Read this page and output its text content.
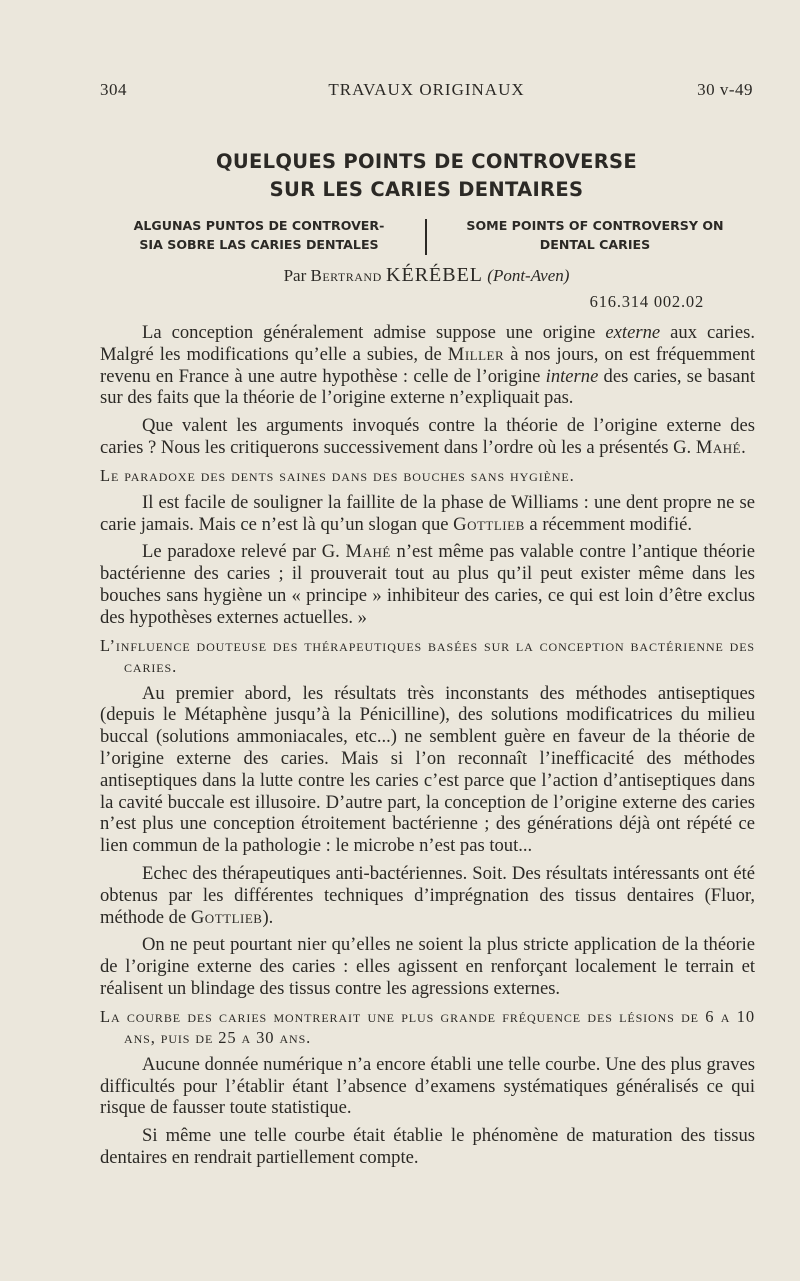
304	TRAVAUX ORIGINAUX	30 v-49
QUELQUES POINTS DE CONTROVERSE
SUR LES CARIES DENTAIRES
ALGUNAS PUNTOS DE CONTROVER-
SIA SOBRE LAS CARIES DENTALES
SOME POINTS OF CONTROVERSY ON
DENTAL CARIES
Par Bertrand KÉRÉBEL (Pont-Aven)
616.314 002.02

La conception généralement admise suppose une origine externe aux caries. Malgré les modifications qu’elle a subies, de Miller à nos jours, on est fréquemment revenu en France à une autre hypothèse : celle de l’origine interne des caries, se basant sur des faits que la théorie de l’origine externe n’expliquait pas.

Que valent les arguments invoqués contre la théorie de l’origine externe des caries ? Nous les critiquerons successivement dans l’ordre où les a présentés G. Mahé.

Le paradoxe des dents saines dans des bouches sans hygiène.

Il est facile de souligner la faillite de la phase de Williams : une dent propre ne se carie jamais. Mais ce n’est là qu’un slogan que Gottlieb a récemment modifié.

Le paradoxe relevé par G. Mahé n’est même pas valable contre l’antique théorie bactérienne des caries ; il prouverait tout au plus qu’il peut exister même dans les bouches sans hygiène un « principe » inhibiteur des caries, ce qui est loin d’être exclus des hypothèses externes actuelles. »

L’influence douteuse des thérapeutiques basées sur la conception bactérienne des caries.

Au premier abord, les résultats très inconstants des méthodes antiseptiques (depuis le Métaphène jusqu’à la Pénicilline), des solutions modificatrices du milieu buccal (solutions ammoniacales, etc...) ne semblent guère en faveur de la théorie de l’origine externe des caries. Mais si l’on reconnaît l’inefficacité des méthodes antiseptiques dans la lutte contre les caries c’est parce que l’action d’antiseptiques dans la cavité buccale est illusoire. D’autre part, la conception de l’origine externe des caries n’est plus une conception étroitement bactérienne ; des générations déjà ont répété ce lien commun de la pathologie : le microbe n’est pas tout...

Echec des thérapeutiques anti-bactériennes. Soit. Des résultats intéressants ont été obtenus par les différentes techniques d’imprégnation des tissus dentaires (Fluor, méthode de Gottlieb).

On ne peut pourtant nier qu’elles ne soient la plus stricte application de la théorie de l’origine externe des caries : elles agissent en renforçant localement le terrain et réalisent un blindage des tissus contre les agressions externes.

La courbe des caries montrerait une plus grande fréquence des lésions de 6 a 10 ans, puis de 25 a 30 ans.

Aucune donnée numérique n’a encore établi une telle courbe. Une des plus graves difficultés pour l’établir étant l’absence d’examens systématiques généralisés ce qui risque de fausser toute statistique.

Si même une telle courbe était établie le phénomène de maturation des tissus dentaires en rendrait partiellement compte.
